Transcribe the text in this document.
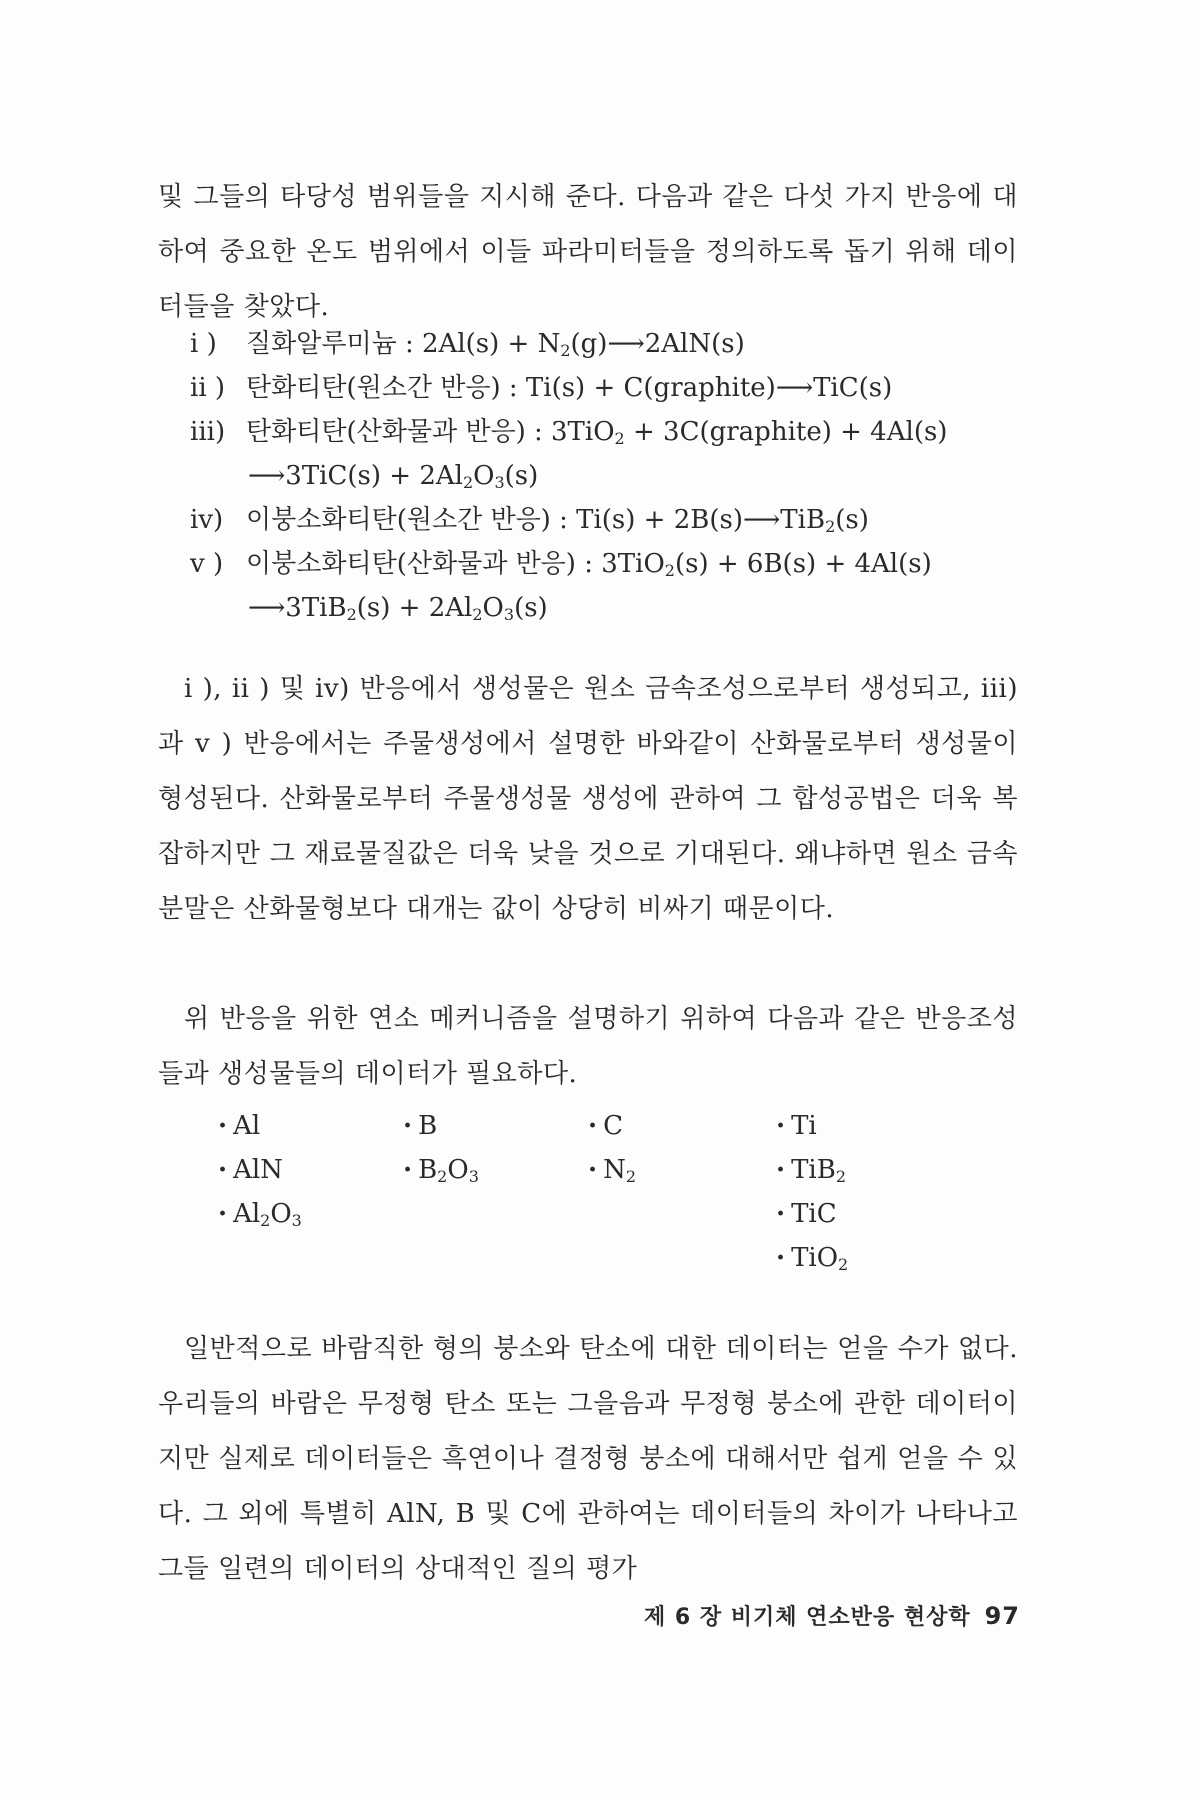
및 그들의 타당성 범위들을 지시해 준다. 다음과 같은 다섯 가지 반응에 대하여 중요한 온도 범위에서 이들 파라미터들을 정의하도록 돕기 위해 데이터들을 찾았다.

i )	질화알루미늄 : $2Al(s) + N_2(g)⟶2AlN(s)$
ii ) 탄화티탄(원소간 반응) : Ti(s) + C(graphite)⟶TiC(s)
iii) 탄화티탄(산화물과 반응) : 3TiO$_2$ + 3C(graphite) + 4Al(s)
⟶ $3TiC(s) + 2Al_2O_3(s)$
iv) 이붕소화티탄(원소간 반응) : Ti(s) + 2B(s)⟶TiB$_2$(s)
v ) 이붕소화티탄(산화물과 반응) : 3TiO$_2$(s) + 6B(s) + 4Al(s)
⟶ $3TiB_2(s) + 2Al_2O_3(s)$

i ), ii ) 및 iv) 반응에서 생성물은 원소 금속조성으로부터 생성되고, iii)과 v ) 반응에서는 주물생성에서 설명한 바와같이 산화물로부터 생성물이 형성된다. 산화물로부터 주물생성물 생성에 관하여 그 합성공법은 더욱 복잡하지만 그 재료물질값은 더욱 낮을 것으로 기대된다. 왜냐하면 원소 금속분말은 산화물형보다 대개는 값이 상당히 비싸기 때문이다.

위 반응을 위한 연소 메커니즘을 설명하기 위하여 다음과 같은 반응조성들과 생성물들의 데이터가 필요하다.

· Al
· AlN
· $Al_2O_3$
· B
· $B_2O_3$
· C
· $N_2$
· Ti
· TiB$_2$
· TiC
· TiO$_2$

일반적으로 바람직한 형의 붕소와 탄소에 대한 데이터는 얻을 수가 없다. 우리들의 바람은 무정형 탄소 또는 그을음과 무정형 붕소에 관한 데이터이지만 실제로 데이터들은 흑연이나 결정형 붕소에 대해서만 쉽게 얻을 수 있다. 그 외에 특별히 AlN, B 및 C에 관하여는 데이터들의 차이가 나타나고 그들 일련의 데이터의 상대적인 질의 평가

제 6 장 비기체 연소반응 현상학 97
